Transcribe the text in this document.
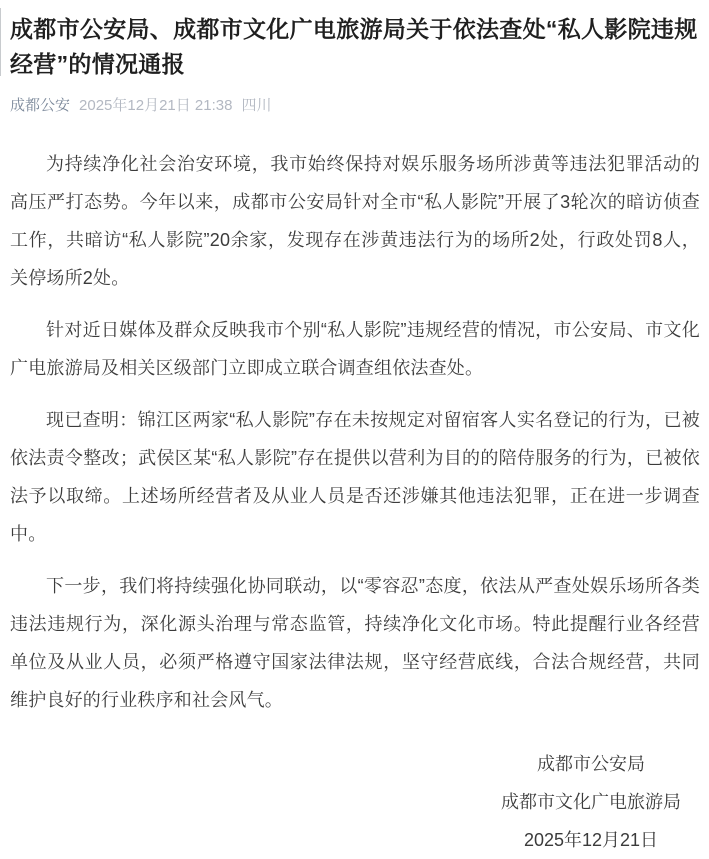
成都市公安局、成都市文化广电旅游局关于依法查处“私人影院违规经营”的情况通报
成都公安 2025年12月21日 21:38 四川

为持续净化社会治安环境，我市始终保持对娱乐服务场所涉黄等违法犯罪活动的高压严打态势。今年以来，成都市公安局针对全市“私人影院”开展了3轮次的暗访侦查工作，共暗访“私人影院”20余家，发现存在涉黄违法行为的场所2处，行政处罚8人，关停场所2处。

针对近日媒体及群众反映我市个别“私人影院”违规经营的情况，市公安局、市文化广电旅游局及相关区级部门立即成立联合调查组依法查处。

现已查明：锦江区两家“私人影院”存在未按规定对留宿客人实名登记的行为，已被依法责令整改；武侯区某“私人影院”存在提供以营利为目的的陪侍服务的行为，已被依法予以取缔。上述场所经营者及从业人员是否还涉嫌其他违法犯罪，正在进一步调查中。

下一步，我们将持续强化协同联动，以“零容忍”态度，依法从严查处娱乐场所各类违法违规行为，深化源头治理与常态监管，持续净化文化市场。特此提醒行业各经营单位及从业人员，必须严格遵守国家法律法规，坚守经营底线，合法合规经营，共同维护良好的行业秩序和社会风气。

成都市公安局
成都市文化广电旅游局
2025年12月21日
